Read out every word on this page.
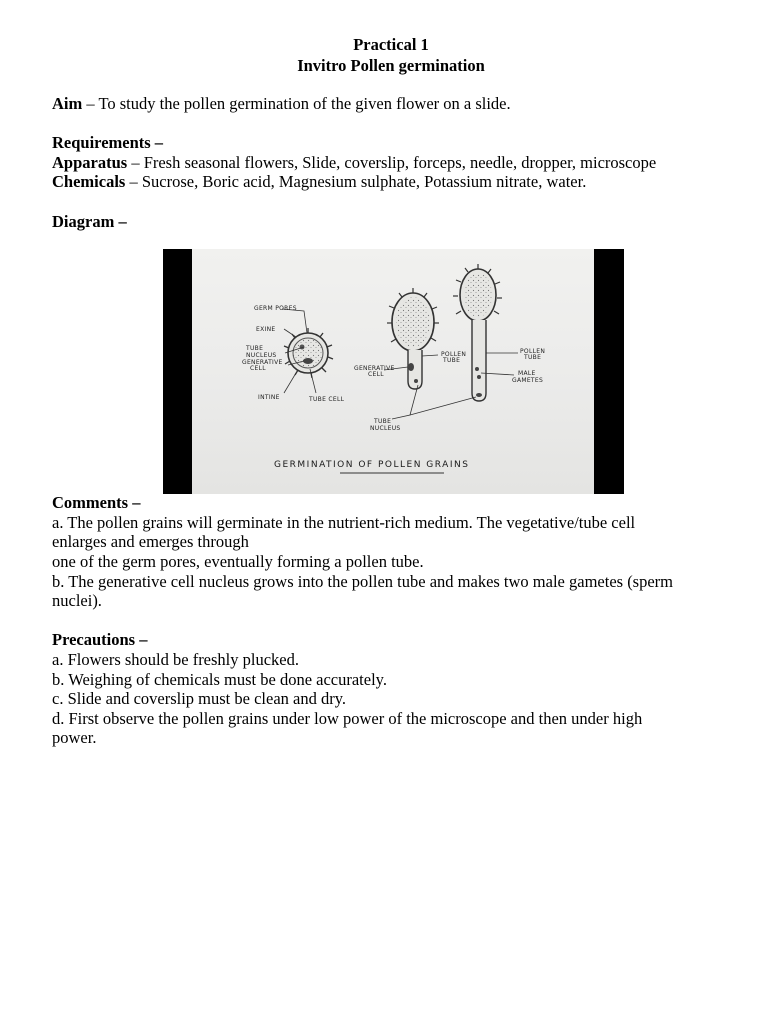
Practical 1
Invitro Pollen germination
Aim – To study the pollen germination of the given flower on a slide.
Requirements –
Apparatus – Fresh seasonal flowers, Slide, coverslip, forceps, needle, dropper, microscope
Chemicals – Sucrose, Boric acid, Magnesium sulphate, Potassium nitrate, water.
Diagram –
Comments –
a. The pollen grains will germinate in the nutrient-rich medium. The vegetative/tube cell
enlarges and emerges through
one of the germ pores, eventually forming a pollen tube.
b. The generative cell nucleus grows into the pollen tube and makes two male gametes (sperm
nuclei).
Precautions –
a. Flowers should be freshly plucked.
b. Weighing of chemicals must be done accurately.
c. Slide and coverslip must be clean and dry.
d. First observe the pollen grains under low power of the microscope and then under high
power.
GERM PORES
EXINE
TUBE
NUCLEUS
GENERATIVE
CELL
INTINE	TUBE CELL
POLLEN
TUBE
GENERATIVE
CELL
POLLEN
TUBE
MALE
GAMETES
TUBE
NUCLEUS
GERMINATION OF POLLEN GRAINS
